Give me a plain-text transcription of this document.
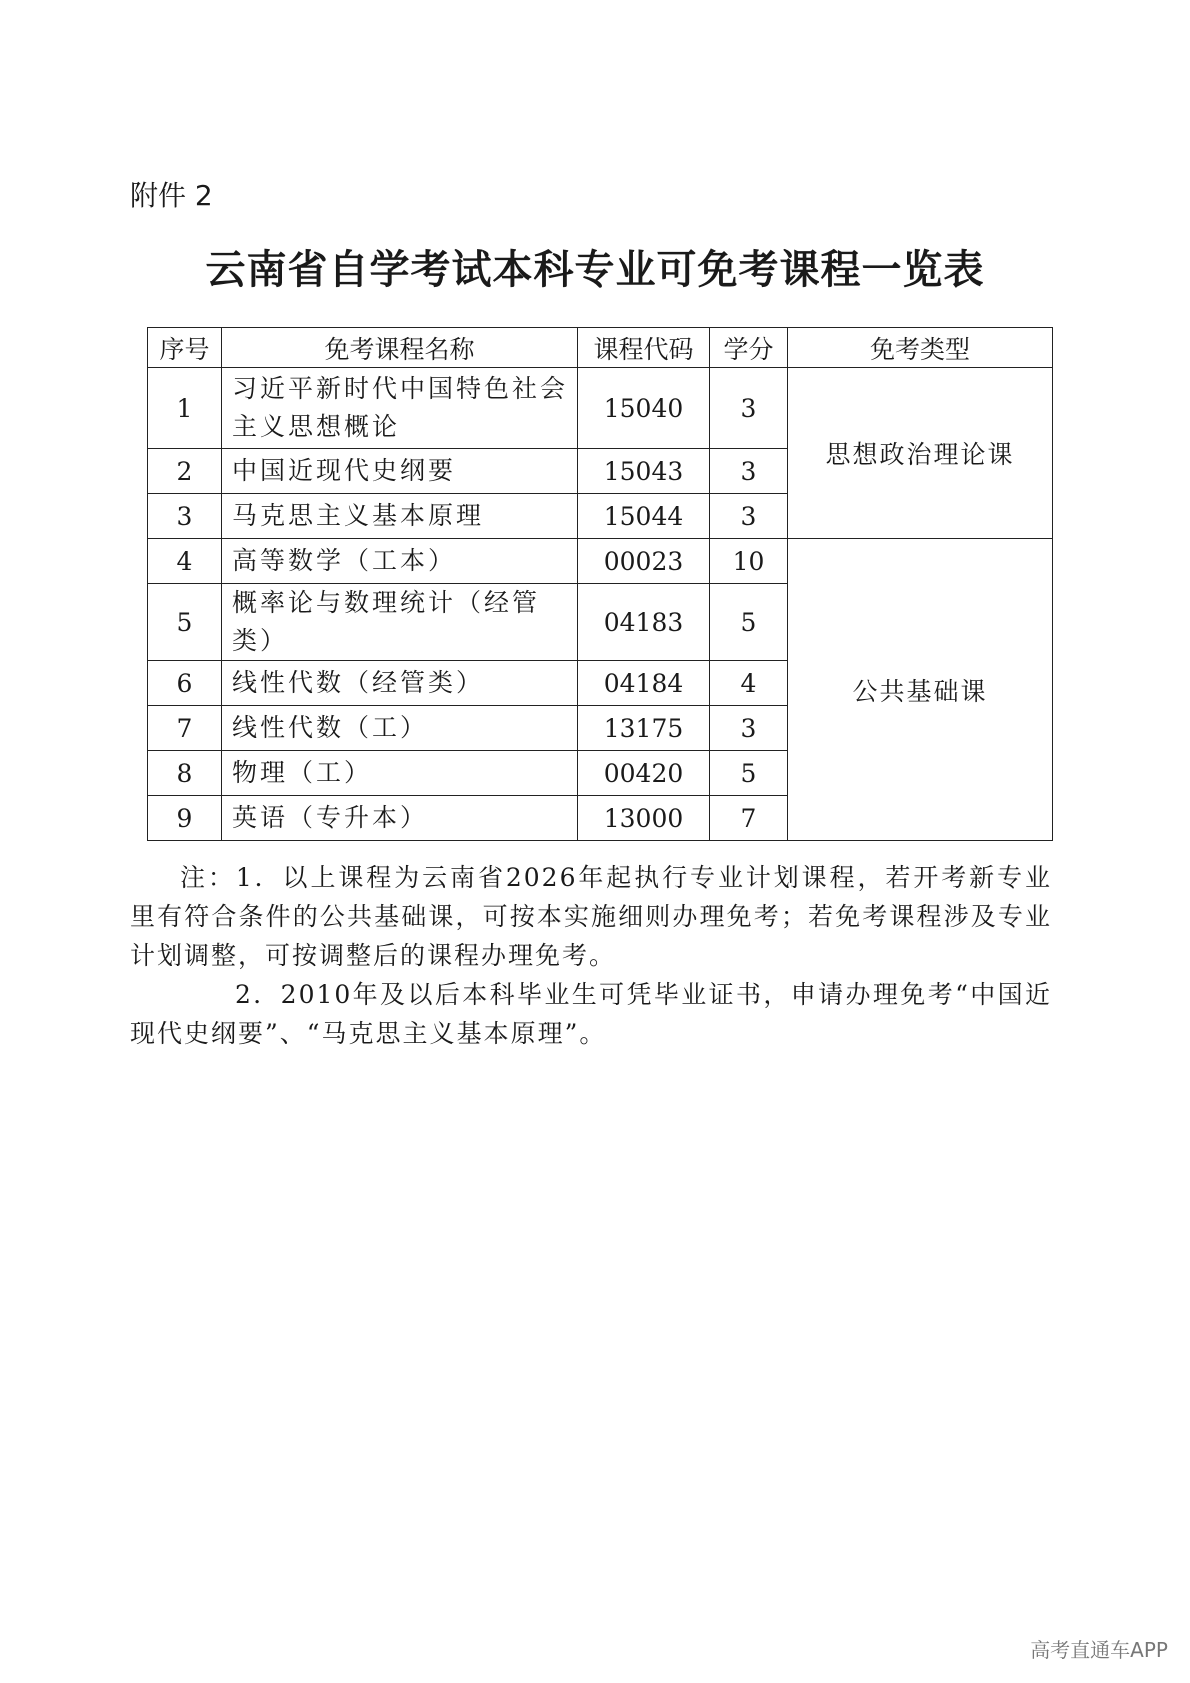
附件 2

云南省自学考试本科专业可免考课程一览表
序号	免考课程名称	课程代码	学分	免考类型
1	习近平新时代中国特色社会主义思想概论	15040	3	思想政治理论课
2	中国近现代史纲要	15043	3	
3	马克思主义基本原理	15044	3	
4	高等数学（工本）	00023	10	公共基础课
5	概率论与数理统计（经管类）	04183	5	
6	线性代数（经管类）	04184	4	
7	线性代数（工）	13175	3	
8	物理（工）	00420	5	
9	英语（专升本）	13000	7	

注：1．以上课程为云南省2026年起执行专业计划课程，若开考新专业里有符合条件的公共基础课，可按本实施细则办理免考；若免考课程涉及专业计划调整，可按调整后的课程办理免考。

2．2010年及以后本科毕业生可凭毕业证书，申请办理免考“中国近现代史纲要”、“马克思主义基本原理”。

高考直通车APP
